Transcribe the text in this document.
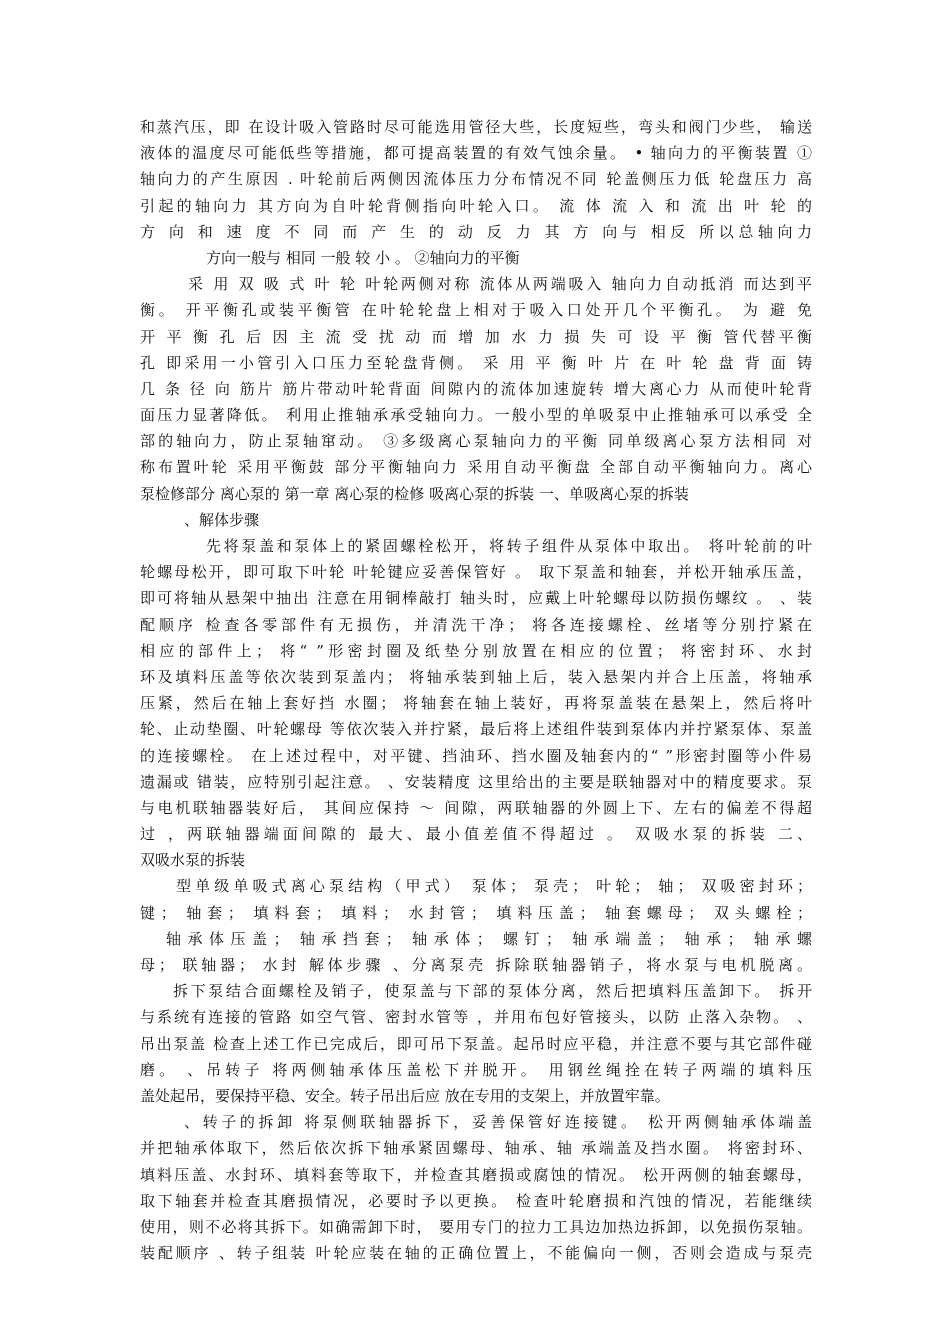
和蒸汽压，即 在设计吸入管路时尽可能选用管径大些，长度短些，弯头和阀门少些， 输送
液体的温度尽可能低些等措施，都可提高装置的有效气蚀余量。 • 轴向力的平衡装置 ①
轴向力的产生原因 . 叶轮前后两侧因流体压力分布情况不同 轮盖侧压力低 轮盘压力 高
引起的轴向力 其方向为自叶轮背侧指向叶轮入口。 流 体 流 入 和 流 出 叶 轮 的
方 向 和 速 度 不 同 而 产 生 的 动 反 力 其 方 向与 相反 所以总轴向力
方向一般与 相同 一般 较 小 。 ②轴向力的平衡
采 用 双 吸 式 叶 轮 叶轮两侧对称 流体从两端吸入 轴向力自动抵消 而达到平
衡。 开平衡孔或装平衡管 在叶轮轮盘上相对于吸入口处开几个平衡孔。 为 避 免
开 平 衡 孔 后 因 主 流 受 扰 动 而 增 加 水 力 损 失 可 设 平 衡 管代替平衡
孔 即采用一小管引入口压力至轮盘背侧。 采 用 平 衡 叶 片 在 叶 轮 盘 背 面 铸
几 条 径 向 筋片 筋片带动叶轮背面 间隙内的流体加速旋转 增大离心力 从而使叶轮背
面压力显著降低。 利用止推轴承承受轴向力。一般小型的单吸泵中止推轴承可以承受 全
部的轴向力，防止泵轴窜动。 ③多级离心泵轴向力的平衡 同单级离心泵方法相同 对
称布置叶轮 采用平衡鼓 部分平衡轴向力 采用自动平衡盘 全部自动平衡轴向力。离心
泵检修部分 离心泵的 第一章 离心泵的检修 吸离心泵的拆装 一、单吸离心泵的拆装
、解体步骤
先将泵盖和泵体上的紧固螺栓松开，将转子组件从泵体中取出。 将叶轮前的叶
轮螺母松开，即可取下叶轮 叶轮键应妥善保管好 。 取下泵盖和轴套，并松开轴承压盖，
即可将轴从悬架中抽出 注意在用铜棒敲打 轴头时，应戴上叶轮螺母以防损伤螺纹 。 、装
配顺序 检查各零部件有无损伤，并清洗干净； 将各连接螺栓、丝堵等分别拧紧在
相应的部件上； 将“ ”形密封圈及纸垫分别放置在相应的位置； 将密封环、水封
环及填料压盖等依次装到泵盖内； 将轴承装到轴上后，装入悬架内并合上压盖，将轴承
压紧，然后在轴上套好挡 水圈； 将轴套在轴上装好，再将泵盖装在悬架上，然后将叶
轮、止动垫圈、叶轮螺母 等依次装入并拧紧，最后将上述组件装到泵体内并拧紧泵体、泵盖
的连接螺栓。 在上述过程中，对平键、挡油环、挡水圈及轴套内的“ ”形密封圈等小件易
遗漏或 错装，应特别引起注意。 、安装精度 这里给出的主要是联轴器对中的精度要求。泵
与电机联轴器装好后， 其间应保持 ～ 间隙，两联轴器的外圆上下、左右的偏差不得超
过 ，两联轴器端面间隙的 最大、最小值差值不得超过 。 双吸水泵的拆装 二、
双吸水泵的拆装
型单级单吸式离心泵结构（甲式） 泵体； 泵壳； 叶轮； 轴； 双吸密封环；
键； 轴套； 填料套； 填料； 水封管； 填料压盖； 轴套螺母； 双头螺栓；
轴承体压盖； 轴承挡套； 轴承体； 螺钉； 轴承端盖； 轴承； 轴承螺
母； 联轴器； 水封 解体步骤 、分离泵壳 拆除联轴器销子，将水泵与电机脱离。
拆下泵结合面螺栓及销子，使泵盖与下部的泵体分离，然后把填料压盖卸下。 拆开
与系统有连接的管路 如空气管、密封水管等 ，并用布包好管接头，以防 止落入杂物。 、
吊出泵盖 检查上述工作已完成后，即可吊下泵盖。起吊时应平稳，并注意不要与其它部件碰
磨。 、吊转子 将两侧轴承体压盖松下并脱开。 用钢丝绳拴在转子两端的填料压
盖处起吊，要保持平稳、安全。转子吊出后应 放在专用的支架上，并放置牢靠。
、转子的拆卸 将泵侧联轴器拆下，妥善保管好连接键。 松开两侧轴承体端盖
并把轴承体取下，然后依次拆下轴承紧固螺母、轴承、轴 承端盖及挡水圈。 将密封环、
填料压盖、水封环、填料套等取下，并检查其磨损或腐蚀的情况。 松开两侧的轴套螺母，
取下轴套并检查其磨损情况，必要时予以更换。 检查叶轮磨损和汽蚀的情况，若能继续
使用，则不必将其拆下。如确需卸下时， 要用专门的拉力工具边加热边拆卸，以免损伤泵轴。
装配顺序 、转子组装 叶轮应装在轴的正确位置上，不能偏向一侧，否则会造成与泵壳
